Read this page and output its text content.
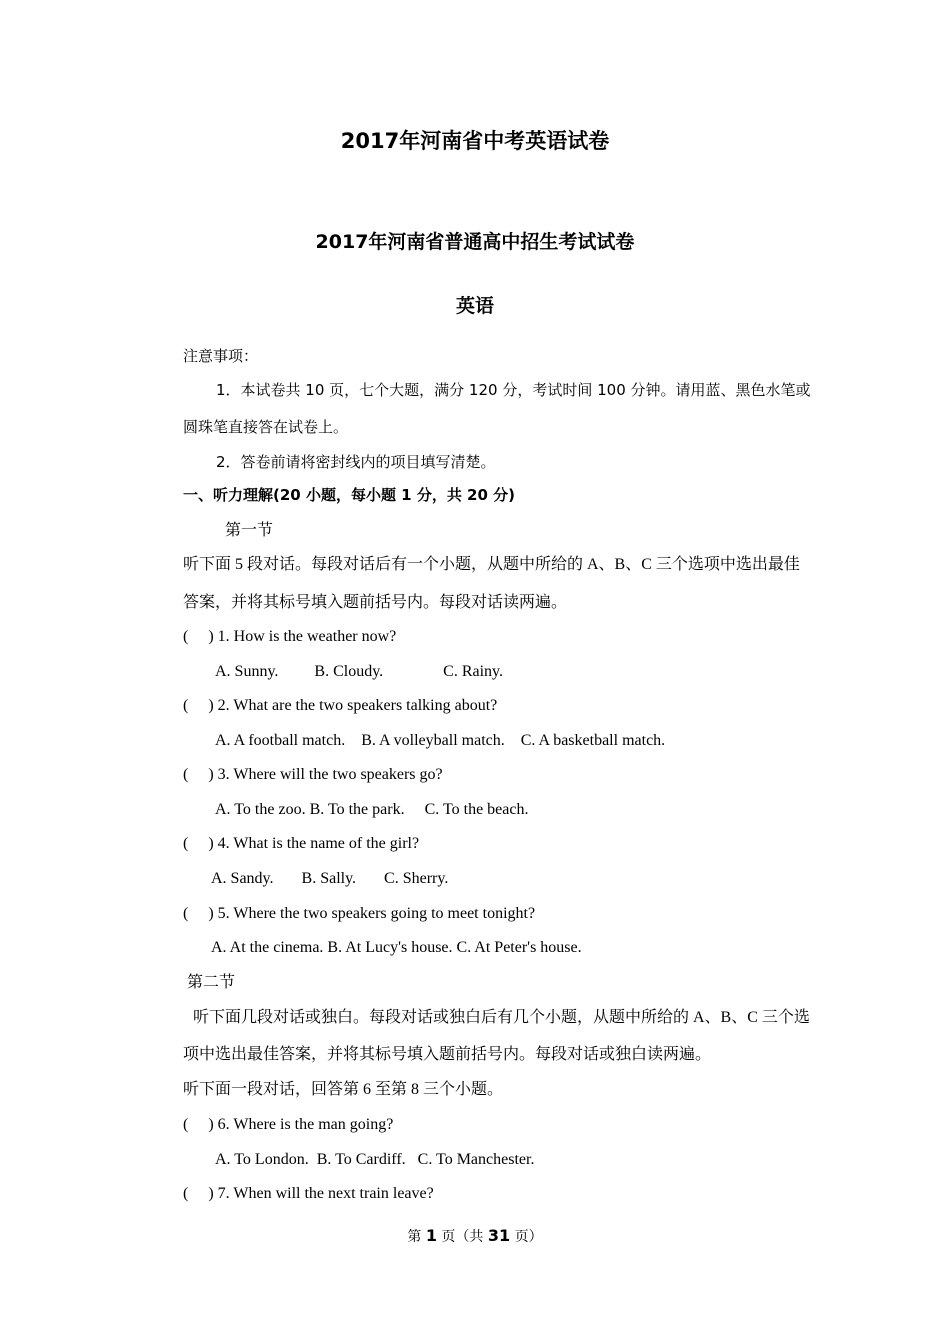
2017年河南省中考英语试卷
2017年河南省普通高中招生考试试卷
英语
注意事项：
1．本试卷共 10 页，七个大题，满分 120 分，考试时间 100 分钟。请用蓝、黑色水笔或
圆珠笔直接答在试卷上。
2．答卷前请将密封线内的项目填写清楚。
一、听力理解(20 小题，每小题 1 分，共 20 分)
第一节
听下面 5 段对话。每段对话后有一个小题，从题中所给的 A、B、C 三个选项中选出最佳
答案，并将其标号填入题前括号内。每段对话读两遍。
(     ) 1. How is the weather now?
A. Sunny.         B. Cloudy.               C. Rainy.
(     ) 2. What are the two speakers talking about?
A. A football match.    B. A volleyball match.    C. A basketball match.
(     ) 3. Where will the two speakers go?
A. To the zoo. B. To the park.     C. To the beach.
(     ) 4. What is the name of the girl?
A. Sandy.       B. Sally.       C. Sherry.
(     ) 5. Where the two speakers going to meet tonight?
A. At the cinema. B. At Lucy's house. C. At Peter's house.
第二节
听下面几段对话或独白。每段对话或独白后有几个小题，从题中所给的 A、B、C 三个选
项中选出最佳答案，并将其标号填入题前括号内。每段对话或独白读两遍。
听下面一段对话，回答第 6 至第 8 三个小题。
(     ) 6. Where is the man going?
A. To London.  B. To Cardiff.   C. To Manchester.
(     ) 7. When will the next train leave?
第 1 页（共 31 页）
